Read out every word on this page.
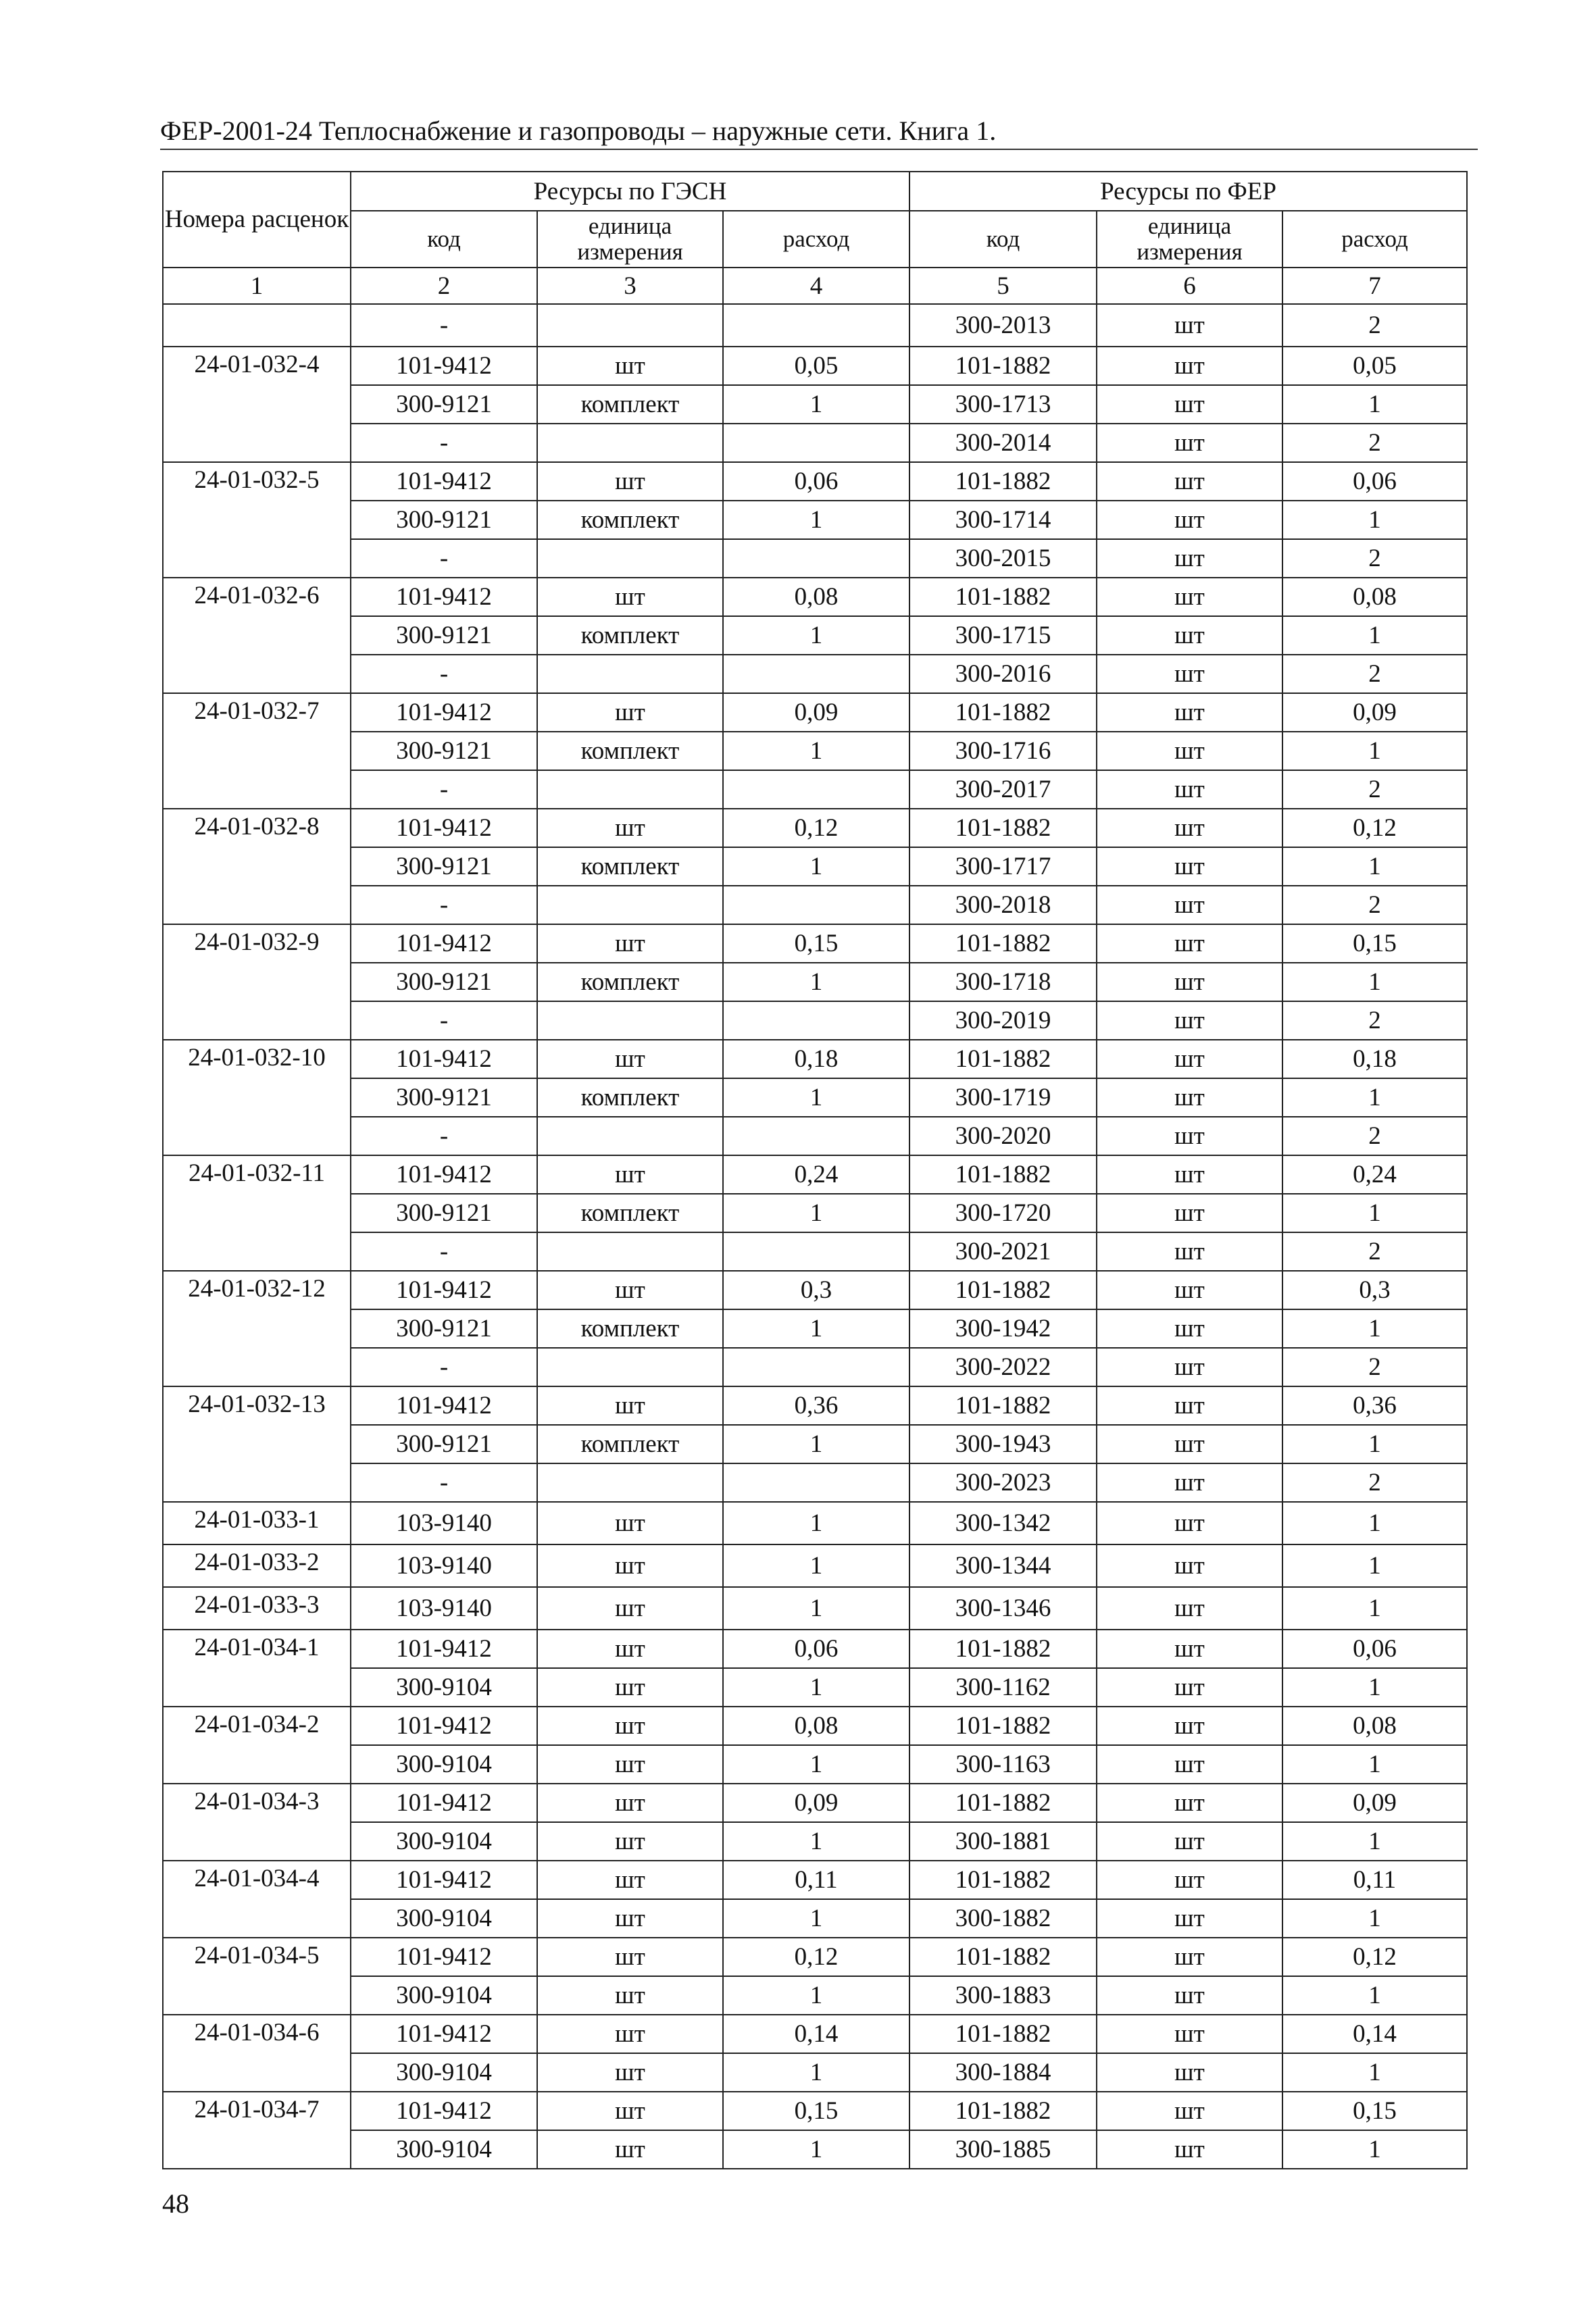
ФЕР-2001-24 Теплоснабжение и газопроводы – наружные сети. Книга 1.
Номера расценок	Ресурсы по ГЭСН			Ресурсы по ФЕР		
	код	единица измерения	расход	код	единица измерения	расход
1	2	3	4	5	6	7
	-			300-2013	шт	2
24-01-032-4	101-9412	шт	0,05	101-1882	шт	0,05
	300-9121	комплект	1	300-1713	шт	1
	-			300-2014	шт	2
24-01-032-5	101-9412	шт	0,06	101-1882	шт	0,06
	300-9121	комплект	1	300-1714	шт	1
	-			300-2015	шт	2
24-01-032-6	101-9412	шт	0,08	101-1882	шт	0,08
	300-9121	комплект	1	300-1715	шт	1
	-			300-2016	шт	2
24-01-032-7	101-9412	шт	0,09	101-1882	шт	0,09
	300-9121	комплект	1	300-1716	шт	1
	-			300-2017	шт	2
24-01-032-8	101-9412	шт	0,12	101-1882	шт	0,12
	300-9121	комплект	1	300-1717	шт	1
	-			300-2018	шт	2
24-01-032-9	101-9412	шт	0,15	101-1882	шт	0,15
	300-9121	комплект	1	300-1718	шт	1
	-			300-2019	шт	2
24-01-032-10	101-9412	шт	0,18	101-1882	шт	0,18
	300-9121	комплект	1	300-1719	шт	1
	-			300-2020	шт	2
24-01-032-11	101-9412	шт	0,24	101-1882	шт	0,24
	300-9121	комплект	1	300-1720	шт	1
	-			300-2021	шт	2
24-01-032-12	101-9412	шт	0,3	101-1882	шт	0,3
	300-9121	комплект	1	300-1942	шт	1
	-			300-2022	шт	2
24-01-032-13	101-9412	шт	0,36	101-1882	шт	0,36
	300-9121	комплект	1	300-1943	шт	1
	-			300-2023	шт	2
24-01-033-1	103-9140	шт	1	300-1342	шт	1
24-01-033-2	103-9140	шт	1	300-1344	шт	1
24-01-033-3	103-9140	шт	1	300-1346	шт	1
24-01-034-1	101-9412	шт	0,06	101-1882	шт	0,06
	300-9104	шт	1	300-1162	шт	1
24-01-034-2	101-9412	шт	0,08	101-1882	шт	0,08
	300-9104	шт	1	300-1163	шт	1
24-01-034-3	101-9412	шт	0,09	101-1882	шт	0,09
	300-9104	шт	1	300-1881	шт	1
24-01-034-4	101-9412	шт	0,11	101-1882	шт	0,11
	300-9104	шт	1	300-1882	шт	1
24-01-034-5	101-9412	шт	0,12	101-1882	шт	0,12
	300-9104	шт	1	300-1883	шт	1
24-01-034-6	101-9412	шт	0,14	101-1882	шт	0,14
	300-9104	шт	1	300-1884	шт	1
24-01-034-7	101-9412	шт	0,15	101-1882	шт	0,15
	300-9104	шт	1	300-1885	шт	1
48
